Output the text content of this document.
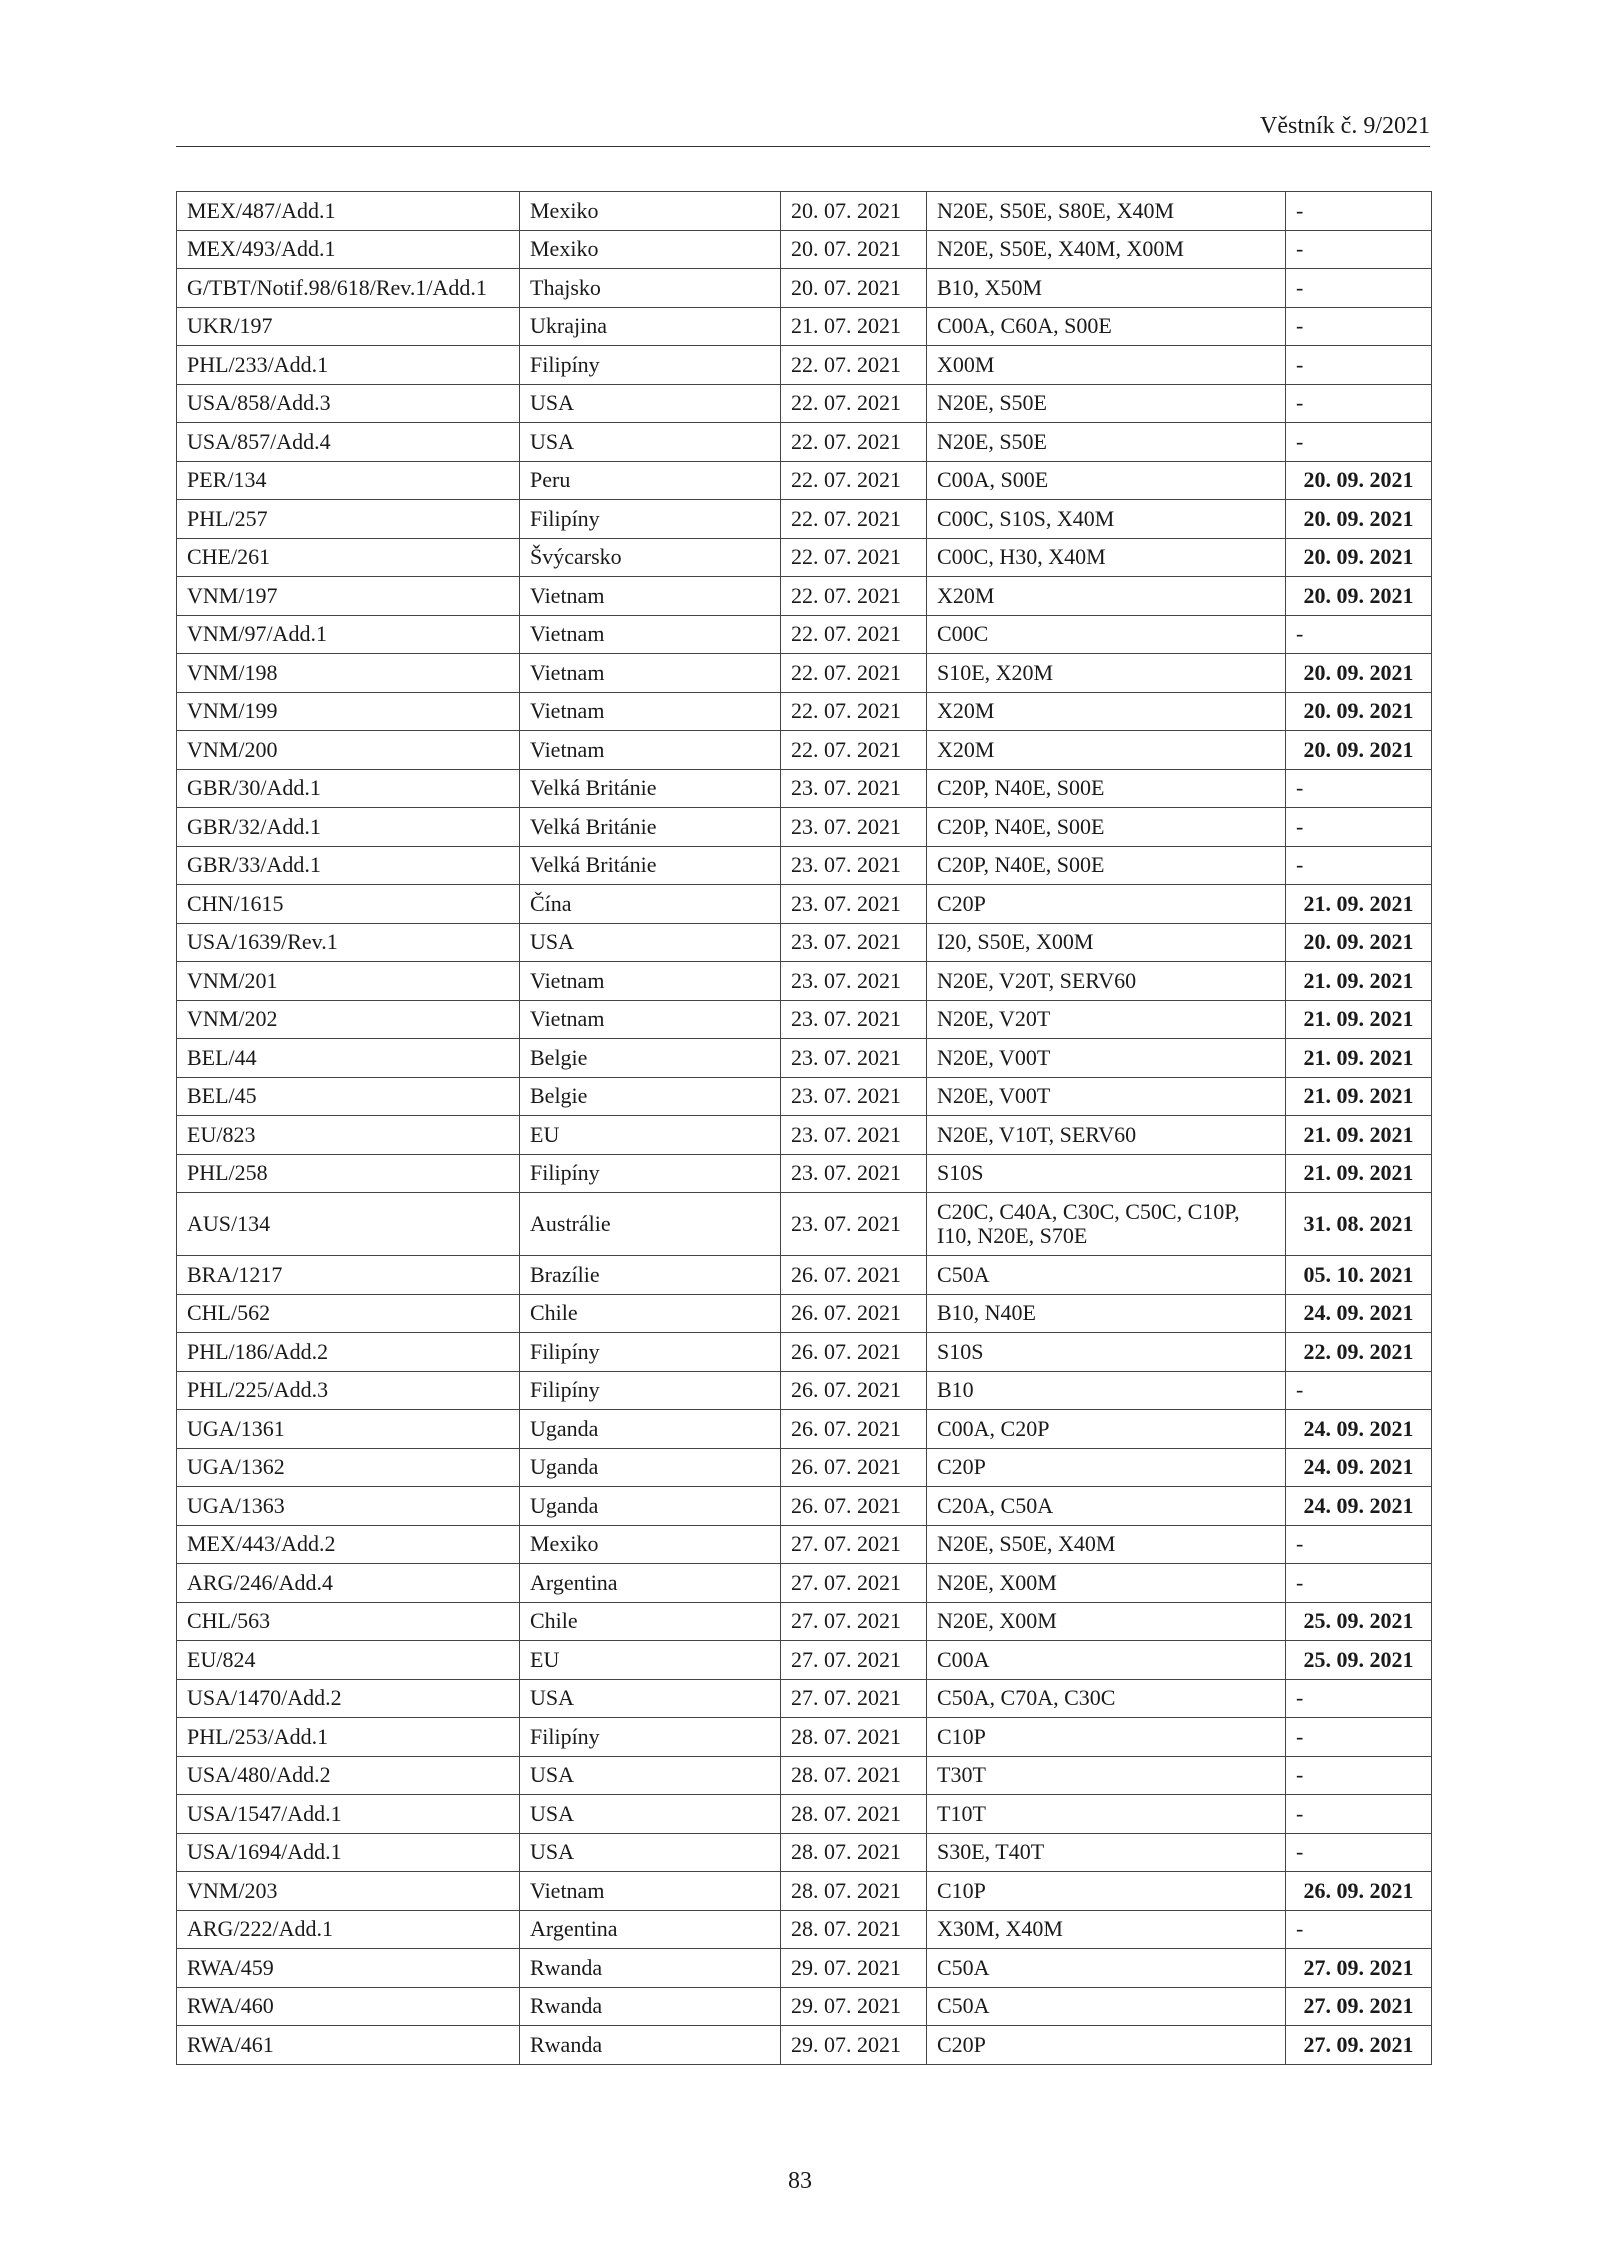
Věstník č. 9/2021
MEX/487/Add.1	Mexiko	20. 07. 2021	N20E, S50E, S80E, X40M	-
MEX/493/Add.1	Mexiko	20. 07. 2021	N20E, S50E, X40M, X00M	-
G/TBT/Notif.98/618/Rev.1/Add.1	Thajsko	20. 07. 2021	B10, X50M	-
UKR/197	Ukrajina	21. 07. 2021	C00A, C60A, S00E	-
PHL/233/Add.1	Filipíny	22. 07. 2021	X00M	-
USA/858/Add.3	USA	22. 07. 2021	N20E, S50E	-
USA/857/Add.4	USA	22. 07. 2021	N20E, S50E	-
PER/134	Peru	22. 07. 2021	C00A, S00E	20. 09. 2021
PHL/257	Filipíny	22. 07. 2021	C00C, S10S, X40M	20. 09. 2021
CHE/261	Švýcarsko	22. 07. 2021	C00C, H30, X40M	20. 09. 2021
VNM/197	Vietnam	22. 07. 2021	X20M	20. 09. 2021
VNM/97/Add.1	Vietnam	22. 07. 2021	C00C	-
VNM/198	Vietnam	22. 07. 2021	S10E, X20M	20. 09. 2021
VNM/199	Vietnam	22. 07. 2021	X20M	20. 09. 2021
VNM/200	Vietnam	22. 07. 2021	X20M	20. 09. 2021
GBR/30/Add.1	Velká Británie	23. 07. 2021	C20P, N40E, S00E	-
GBR/32/Add.1	Velká Británie	23. 07. 2021	C20P, N40E, S00E	-
GBR/33/Add.1	Velká Británie	23. 07. 2021	C20P, N40E, S00E	-
CHN/1615	Čína	23. 07. 2021	C20P	21. 09. 2021
USA/1639/Rev.1	USA	23. 07. 2021	I20, S50E, X00M	20. 09. 2021
VNM/201	Vietnam	23. 07. 2021	N20E, V20T, SERV60	21. 09. 2021
VNM/202	Vietnam	23. 07. 2021	N20E, V20T	21. 09. 2021
BEL/44	Belgie	23. 07. 2021	N20E, V00T	21. 09. 2021
BEL/45	Belgie	23. 07. 2021	N20E, V00T	21. 09. 2021
EU/823	EU	23. 07. 2021	N20E, V10T, SERV60	21. 09. 2021
PHL/258	Filipíny	23. 07. 2021	S10S	21. 09. 2021
AUS/134	Austrálie	23. 07. 2021	C20C, C40A, C30C, C50C, C10P, I10, N20E, S70E	31. 08. 2021
BRA/1217	Brazílie	26. 07. 2021	C50A	05. 10. 2021
CHL/562	Chile	26. 07. 2021	B10, N40E	24. 09. 2021
PHL/186/Add.2	Filipíny	26. 07. 2021	S10S	22. 09. 2021
PHL/225/Add.3	Filipíny	26. 07. 2021	B10	-
UGA/1361	Uganda	26. 07. 2021	C00A, C20P	24. 09. 2021
UGA/1362	Uganda	26. 07. 2021	C20P	24. 09. 2021
UGA/1363	Uganda	26. 07. 2021	C20A, C50A	24. 09. 2021
MEX/443/Add.2	Mexiko	27. 07. 2021	N20E, S50E, X40M	-
ARG/246/Add.4	Argentina	27. 07. 2021	N20E, X00M	-
CHL/563	Chile	27. 07. 2021	N20E, X00M	25. 09. 2021
EU/824	EU	27. 07. 2021	C00A	25. 09. 2021
USA/1470/Add.2	USA	27. 07. 2021	C50A, C70A, C30C	-
PHL/253/Add.1	Filipíny	28. 07. 2021	C10P	-
USA/480/Add.2	USA	28. 07. 2021	T30T	-
USA/1547/Add.1	USA	28. 07. 2021	T10T	-
USA/1694/Add.1	USA	28. 07. 2021	S30E, T40T	-
VNM/203	Vietnam	28. 07. 2021	C10P	26. 09. 2021
ARG/222/Add.1	Argentina	28. 07. 2021	X30M, X40M	-
RWA/459	Rwanda	29. 07. 2021	C50A	27. 09. 2021
RWA/460	Rwanda	29. 07. 2021	C50A	27. 09. 2021
RWA/461	Rwanda	29. 07. 2021	C20P	27. 09. 2021
83
